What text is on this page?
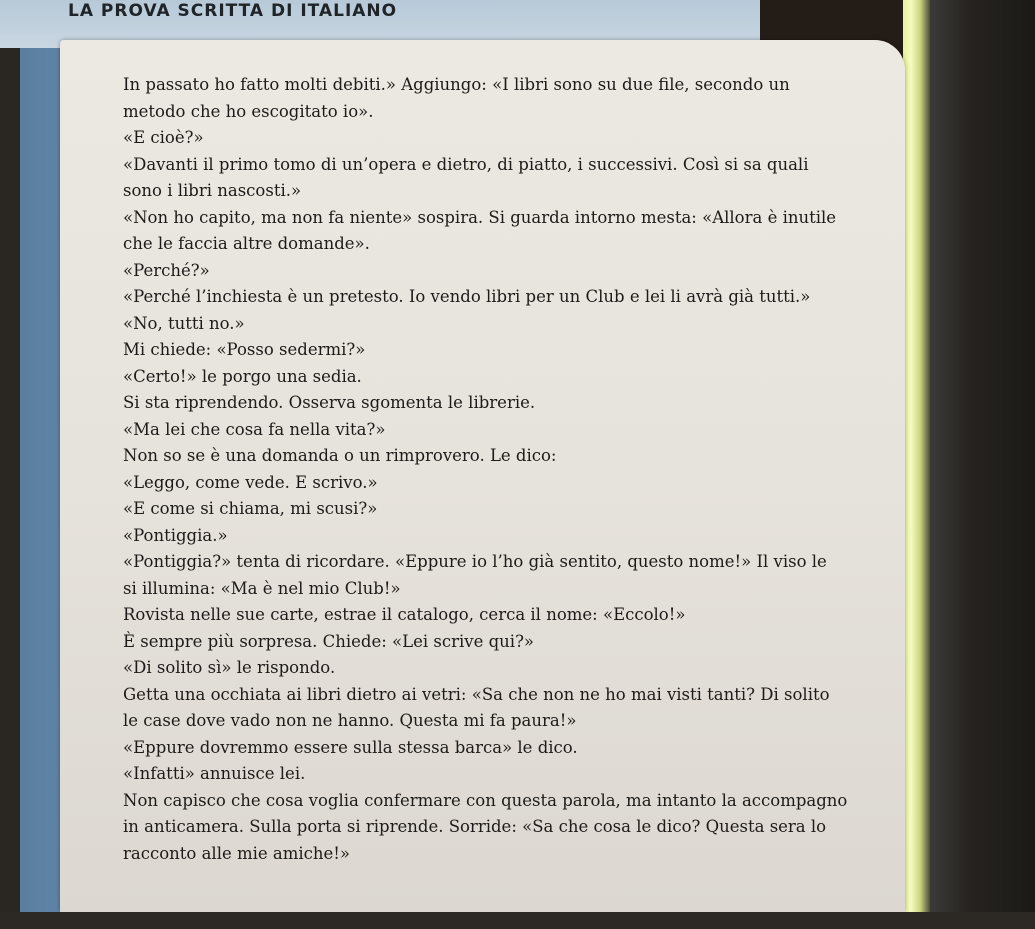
LA PROVA SCRITTA DI ITALIANO
In passato ho fatto molti debiti.» Aggiungo: «I libri sono su due file, secondo un
metodo che ho escogitato io».
«E cioè?»
«Davanti il primo tomo di un’opera e dietro, di piatto, i successivi. Così si sa quali
sono i libri nascosti.»
«Non ho capito, ma non fa niente» sospira. Si guarda intorno mesta: «Allora è inutile
che le faccia altre domande».
«Perché?»
«Perché l’inchiesta è un pretesto. Io vendo libri per un Club e lei li avrà già tutti.»
«No, tutti no.»
Mi chiede: «Posso sedermi?»
«Certo!» le porgo una sedia.
Si sta riprendendo. Osserva sgomenta le librerie.
«Ma lei che cosa fa nella vita?»
Non so se è una domanda o un rimprovero. Le dico:
«Leggo, come vede. E scrivo.»
«E come si chiama, mi scusi?»
«Pontiggia.»
«Pontiggia?» tenta di ricordare. «Eppure io l’ho già sentito, questo nome!» Il viso le
si illumina: «Ma è nel mio Club!»
Rovista nelle sue carte, estrae il catalogo, cerca il nome: «Eccolo!»
È sempre più sorpresa. Chiede: «Lei scrive qui?»
«Di solito sì» le rispondo.
Getta una occhiata ai libri dietro ai vetri: «Sa che non ne ho mai visti tanti? Di solito
le case dove vado non ne hanno. Questa mi fa paura!»
«Eppure dovremmo essere sulla stessa barca» le dico.
«Infatti» annuisce lei.
Non capisco che cosa voglia confermare con questa parola, ma intanto la accompagno
in anticamera. Sulla porta si riprende. Sorride: «Sa che cosa le dico? Questa sera lo
racconto alle mie amiche!»
